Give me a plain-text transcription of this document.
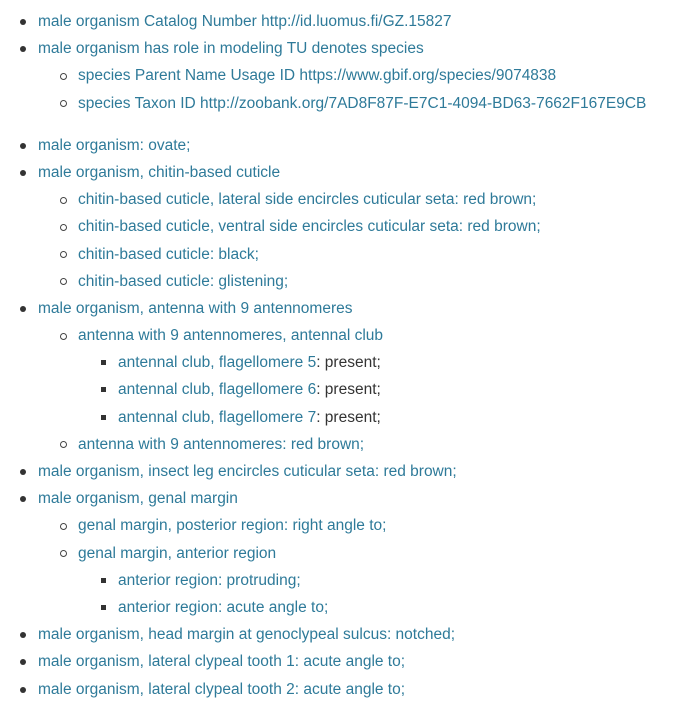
male organism Catalog Number http://id.luomus.fi/GZ.15827
male organism has role in modeling TU denotes species
species Parent Name Usage ID https://www.gbif.org/species/9074838
species Taxon ID http://zoobank.org/7AD8F87F-E7C1-4094-BD63-7662F167E9CB
male organism: ovate;
male organism, chitin-based cuticle
chitin-based cuticle, lateral side encircles cuticular seta: red brown;
chitin-based cuticle, ventral side encircles cuticular seta: red brown;
chitin-based cuticle: black;
chitin-based cuticle: glistening;
male organism, antenna with 9 antennomeres
antenna with 9 antennomeres, antennal club
antennal club, flagellomere 5: present;
antennal club, flagellomere 6: present;
antennal club, flagellomere 7: present;
antenna with 9 antennomeres: red brown;
male organism, insect leg encircles cuticular seta: red brown;
male organism, genal margin
genal margin, posterior region: right angle to;
genal margin, anterior region
anterior region: protruding;
anterior region: acute angle to;
male organism, head margin at genoclypeal sulcus: notched;
male organism, lateral clypeal tooth 1: acute angle to;
male organism, lateral clypeal tooth 2: acute angle to;
